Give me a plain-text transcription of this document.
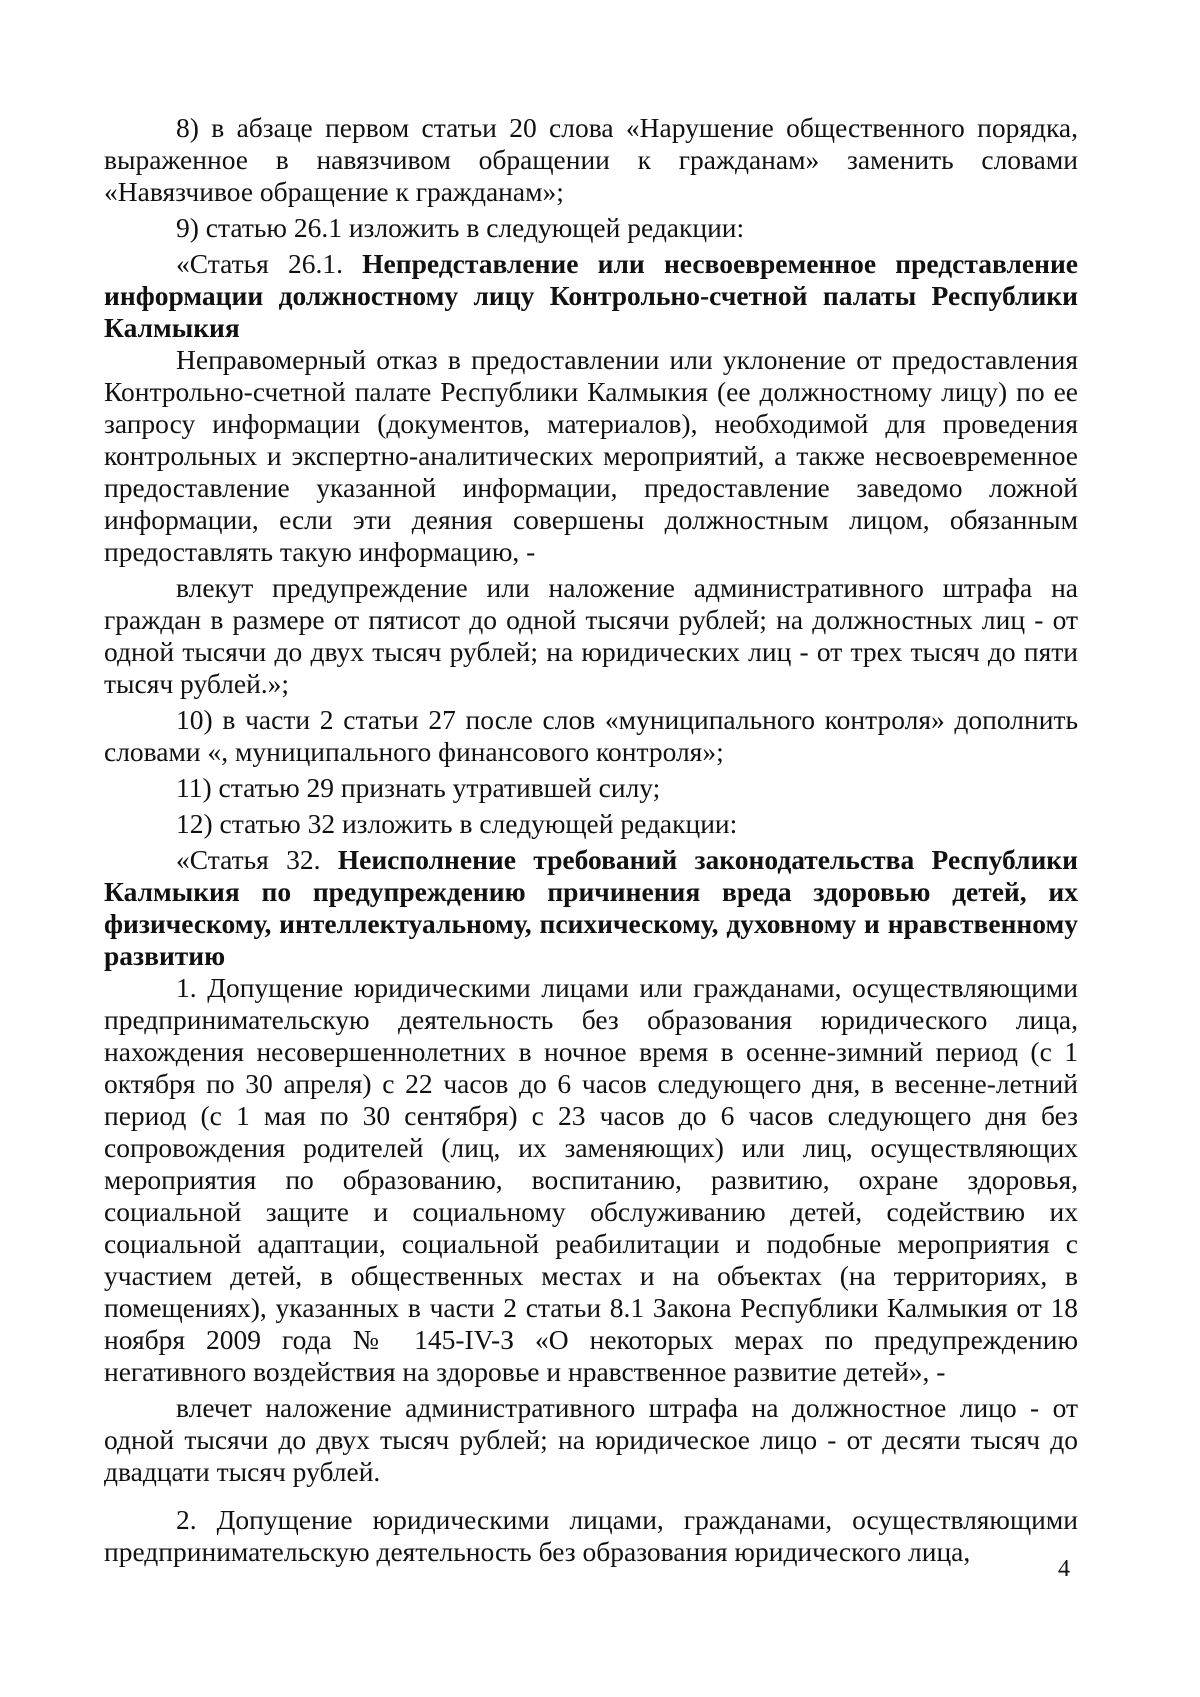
8) в абзаце первом статьи 20 слова «Нарушение общественного порядка, выраженное в навязчивом обращении к гражданам» заменить словами «Навязчивое обращение к гражданам»;

9) статью 26.1 изложить в следующей редакции:

«Статья 26.1. Непредставление или несвоевременное представление информации должностному лицу Контрольно-счетной палаты Республики Калмыкия

Неправомерный отказ в предоставлении или уклонение от предоставления Контрольно-счетной палате Республики Калмыкия (ее должностному лицу) по ее запросу информации (документов, материалов), необходимой для проведения контрольных и экспертно-аналитических мероприятий, а также несвоевременное предоставление указанной информации, предоставление заведомо ложной информации, если эти деяния совершены должностным лицом, обязанным предоставлять такую информацию, -

влекут предупреждение или наложение административного штрафа на граждан в размере от пятисот до одной тысячи рублей; на должностных лиц - от одной тысячи до двух тысяч рублей; на юридических лиц - от трех тысяч до пяти тысяч рублей.»;

10) в части 2 статьи 27 после слов «муниципального контроля» дополнить словами «, муниципального финансового контроля»;

11) статью 29 признать утратившей силу;

12) статью 32 изложить в следующей редакции:

«Статья 32. Неисполнение требований законодательства Республики Калмыкия по предупреждению причинения вреда здоровью детей, их физическому, интеллектуальному, психическому, духовному и нравственному развитию

1. Допущение юридическими лицами или гражданами, осуществляющими предпринимательскую деятельность без образования юридического лица, нахождения несовершеннолетних в ночное время в осенне-зимний период (с 1 октября по 30 апреля) с 22 часов до 6 часов следующего дня, в весенне-летний период (с 1 мая по 30 сентября) с 23 часов до 6 часов следующего дня без сопровождения родителей (лиц, их заменяющих) или лиц, осуществляющих мероприятия по образованию, воспитанию, развитию, охране здоровья, социальной защите и социальному обслуживанию детей, содействию их социальной адаптации, социальной реабилитации и подобные мероприятия с участием детей, в общественных местах и на объектах (на территориях, в помещениях), указанных в части 2 статьи 8.1 Закона Республики Калмыкия от 18 ноября 2009 года № 145-IV-З «О некоторых мерах по предупреждению негативного воздействия на здоровье и нравственное развитие детей», -

влечет наложение административного штрафа на должностное лицо - от одной тысячи до двух тысяч рублей; на юридическое лицо - от десяти тысяч до двадцати тысяч рублей.

2. Допущение юридическими лицами, гражданами, осуществляющими предпринимательскую деятельность без образования юридического лица,

4
